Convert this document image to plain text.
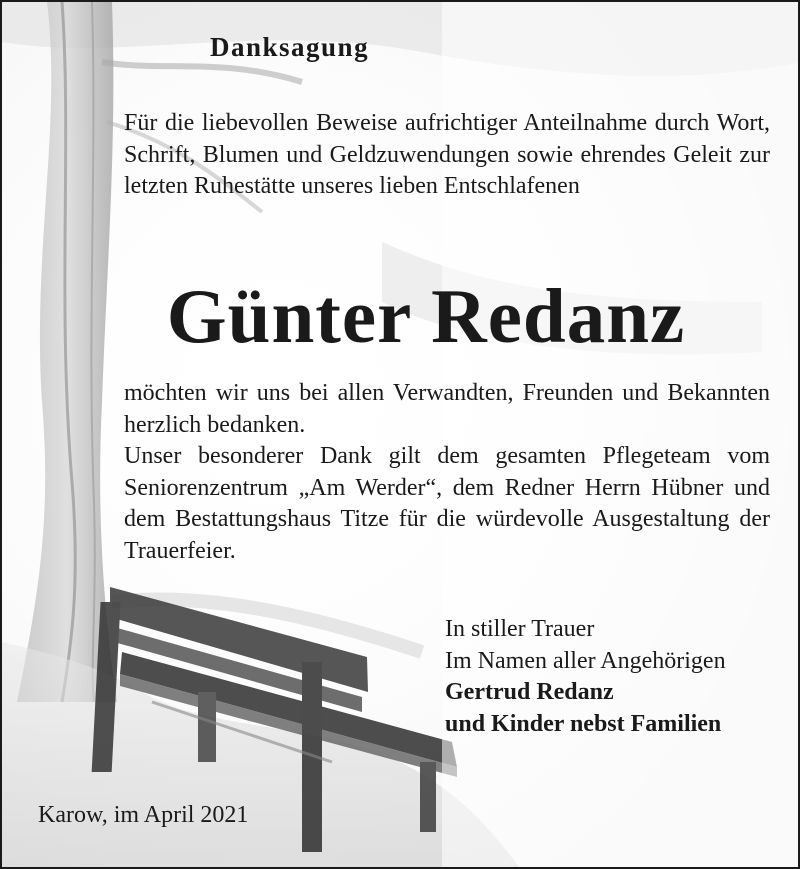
Danksagung

Für die liebevollen Beweise aufrichtiger Anteilnahme durch Wort, Schrift, Blumen und Geldzuwendungen sowie ehrendes Geleit zur letzten Ruhestätte unseres lieben Entschlafenen

Günter Redanz
möchten wir uns bei allen Verwandten, Freunden und Bekannten herzlich bedanken.
Unser besonderer Dank gilt dem gesamten Pflegeteam vom Seniorenzentrum „Am Werder“, dem Redner Herrn Hübner und dem Bestattungshaus Titze für die würdevolle Ausgestaltung der Trauerfeier.
In stiller Trauer
Im Namen aller Angehörigen
Gertrud Redanz
und Kinder nebst Familien
Karow, im April 2021
